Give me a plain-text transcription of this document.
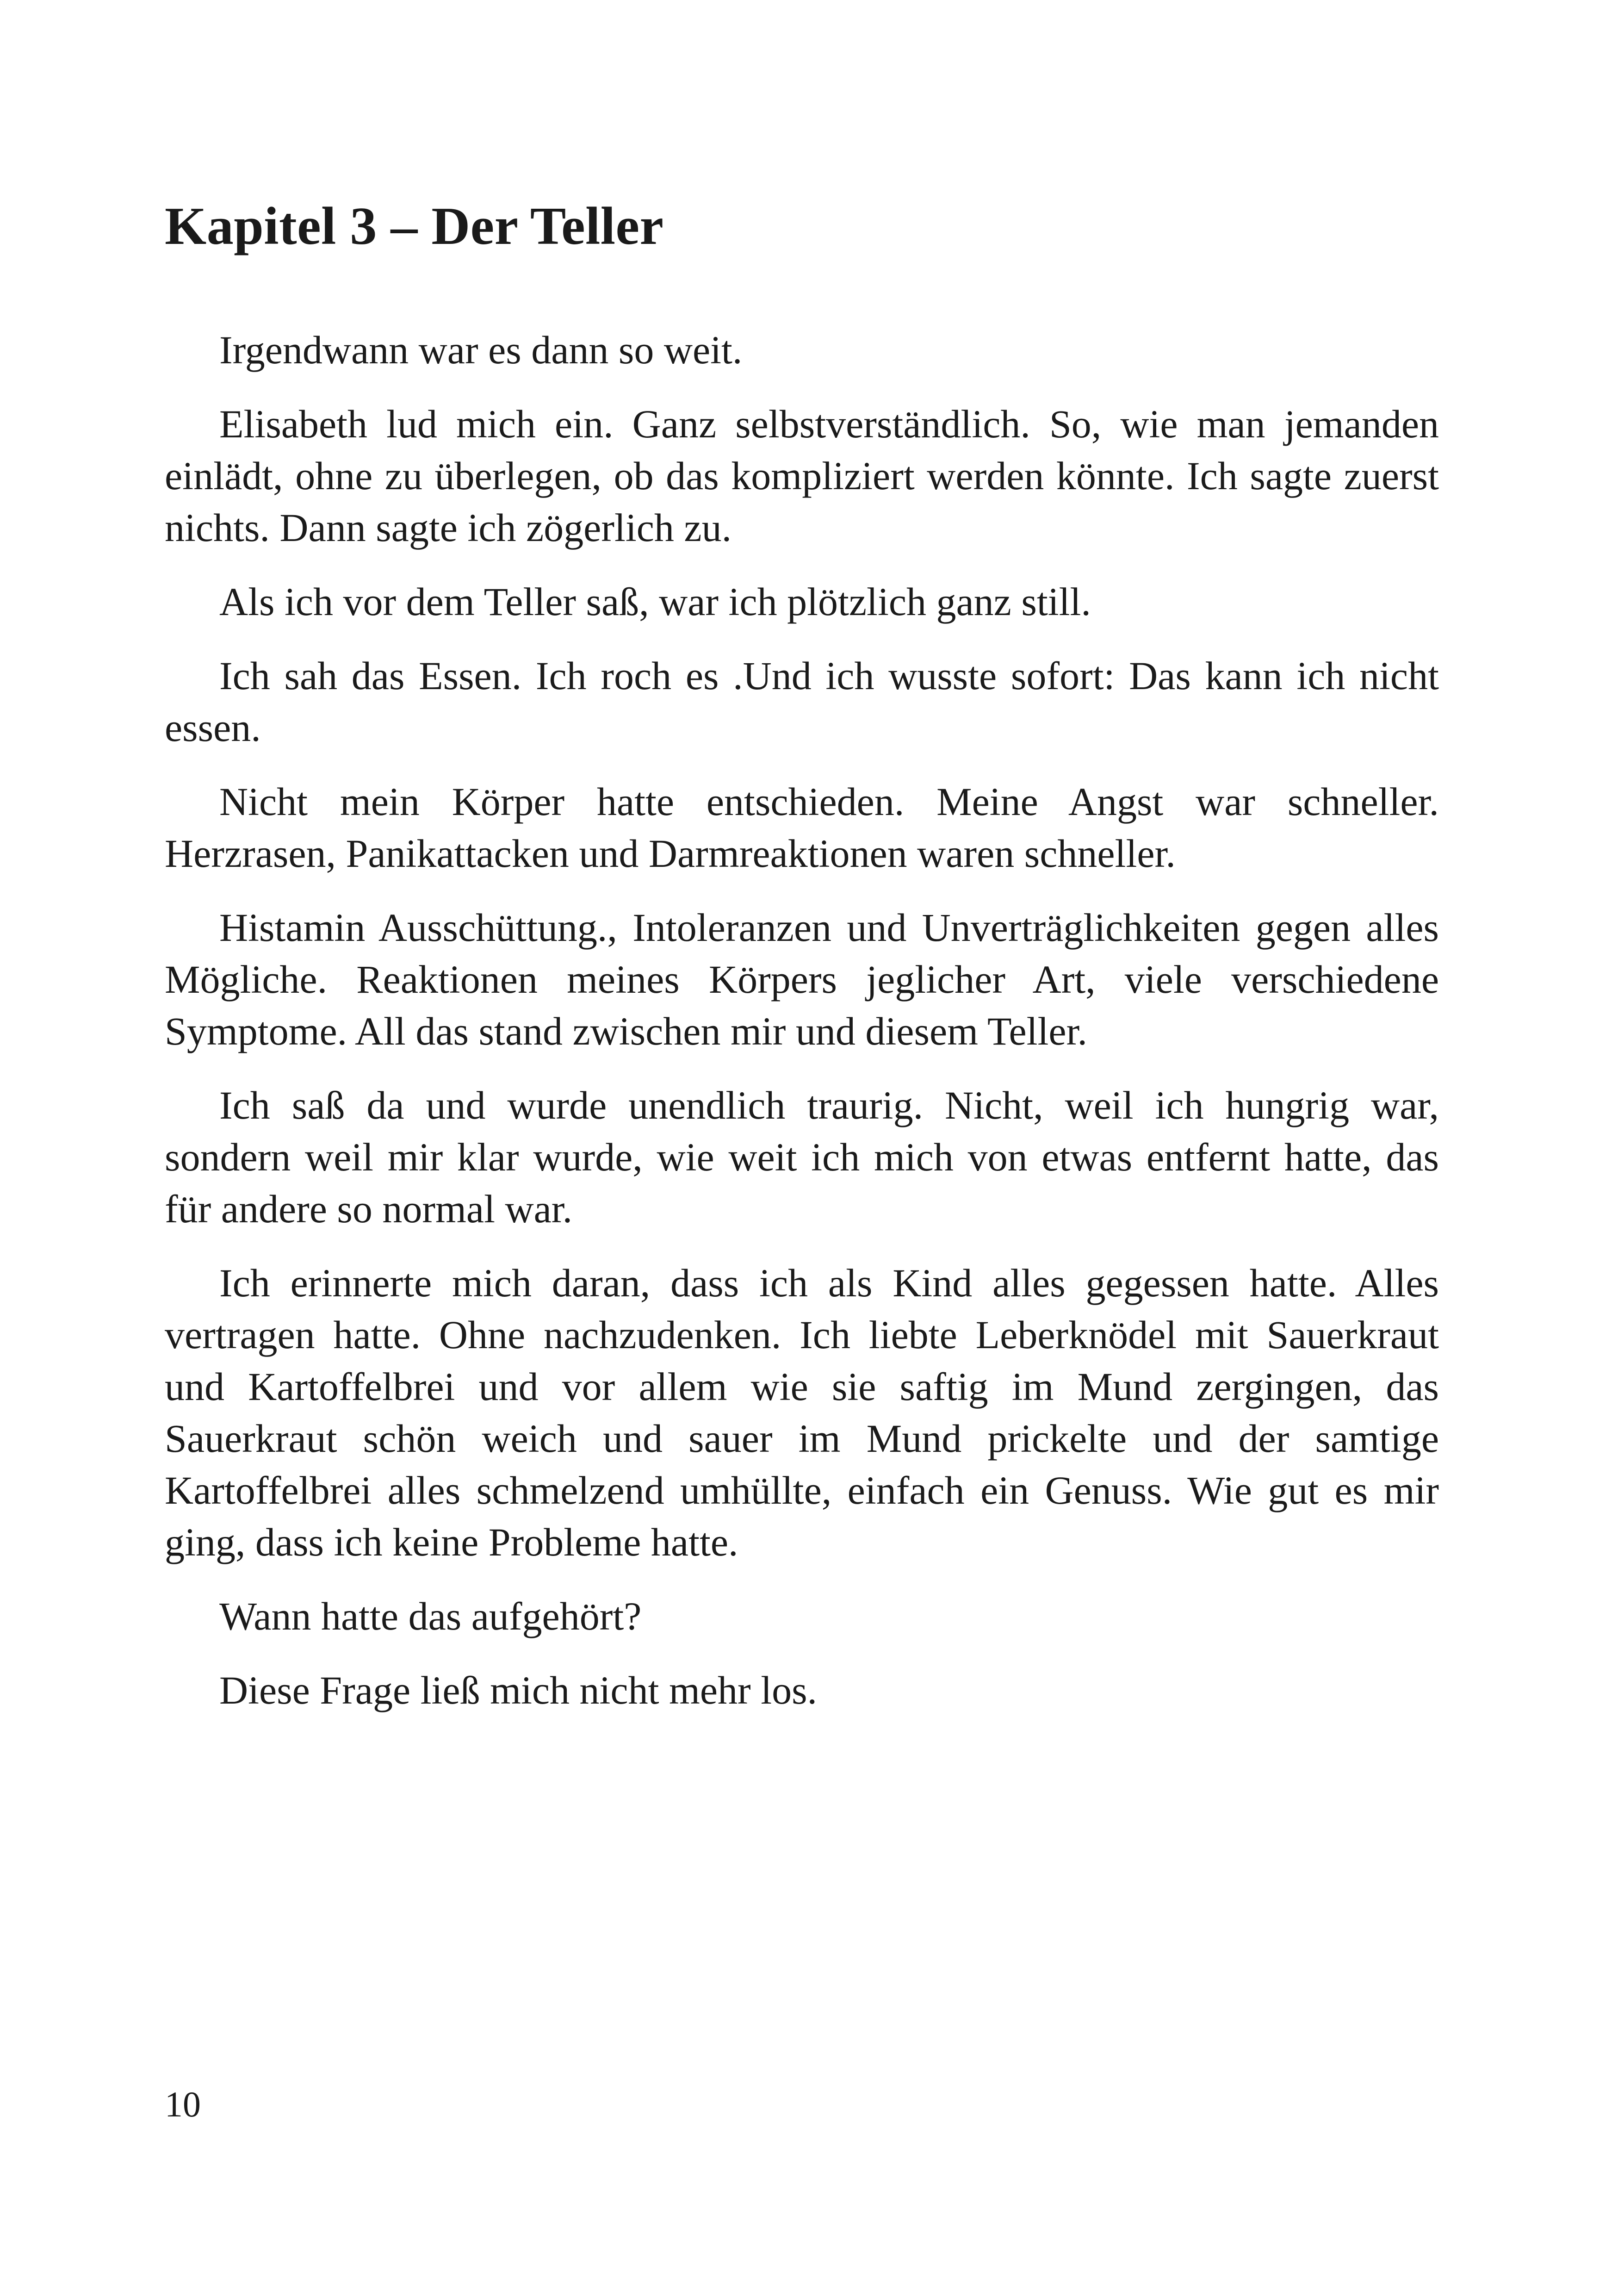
Kapitel 3 – Der Teller

Irgendwann war es dann so weit.

Elisabeth lud mich ein. Ganz selbstverständlich. So, wie man jemanden einlädt, ohne zu überlegen, ob das kompliziert werden könnte. Ich sagte zuerst nichts. Dann sagte ich zögerlich zu.

Als ich vor dem Teller saß, war ich plötzlich ganz still.

Ich sah das Essen. Ich roch es .Und ich wusste sofort: Das kann ich nicht essen.

Nicht mein Körper hatte entschieden. Meine Angst war schneller. Herzrasen, Panikattacken und Darmreaktionen waren schneller.

Histamin Ausschüttung., Intoleranzen und Unverträglichkeiten gegen alles Mögliche. Reaktionen meines Körpers jeglicher Art, viele verschiedene Symptome. All das stand zwischen mir und diesem Teller.

Ich saß da und wurde unendlich traurig. Nicht, weil ich hungrig war, sondern weil mir klar wurde, wie weit ich mich von etwas entfernt hatte, das für andere so normal war.

Ich erinnerte mich daran, dass ich als Kind alles gegessen hatte. Alles vertragen hatte. Ohne nachzudenken. Ich liebte Leberknödel mit Sauerkraut und Kartoffelbrei und vor allem wie sie saftig im Mund zergingen, das Sauerkraut schön weich und sauer im Mund prickelte und der samtige Kartoffelbrei alles schmelzend umhüllte, einfach ein Genuss. Wie gut es mir ging, dass ich keine Probleme hatte.

Wann hatte das aufgehört?

Diese Frage ließ mich nicht mehr los.

10
